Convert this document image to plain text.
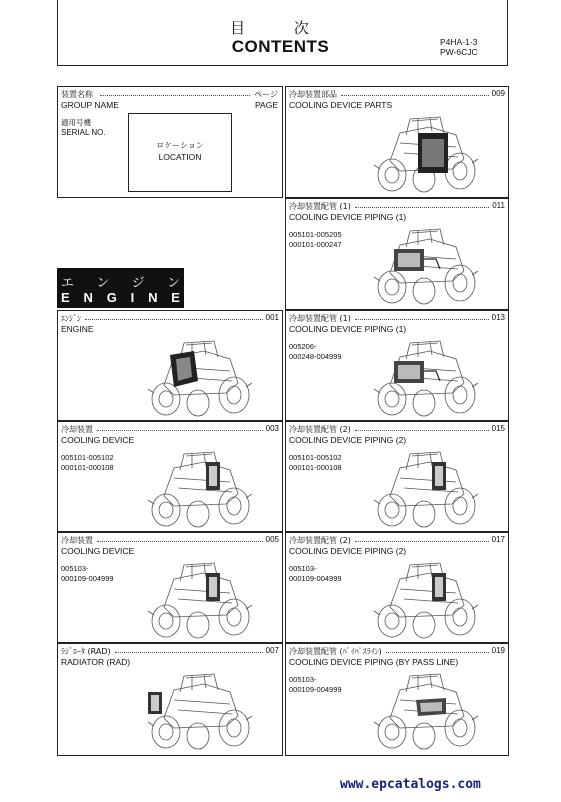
目 次
CONTENTS	P4HA-1-3
PW-6CJC
装置名称	ページ
GROUP NAME	PAGE
適用号機
SERIAL NO.
ロケーション
LOCATION
エ ン ジ ン
E N G I N E
冷却装置部品	009
COOLING DEVICE PARTS
冷却装置配管 (1)	011
COOLING DEVICE PIPING (1)
005101-005205
000101-000247
ｴﾝｼﾞﾝ	001
ENGINE
冷却装置配管 (1)	013
COOLING DEVICE PIPING (1)
005206-
000248-004999
冷却装置	003
COOLING DEVICE
005101-005102
000101-000108
冷却装置配管 (2)	015
COOLING DEVICE PIPING (2)
005101-005102
000101-000108
冷却装置	005
COOLING DEVICE
005103-
000109-004999
冷却装置配管 (2)	017
COOLING DEVICE PIPING (2)
005103-
000109-004999
ﾗｼﾞｴｰﾀ (RAD)	007
RADIATOR (RAD)
冷却装置配管 (ﾊﾞｲﾊﾟｽﾗｲﾝ)	019
COOLING DEVICE PIPING (BY PASS LINE)
005103-
000109-004999
www.epcatalogs.com
